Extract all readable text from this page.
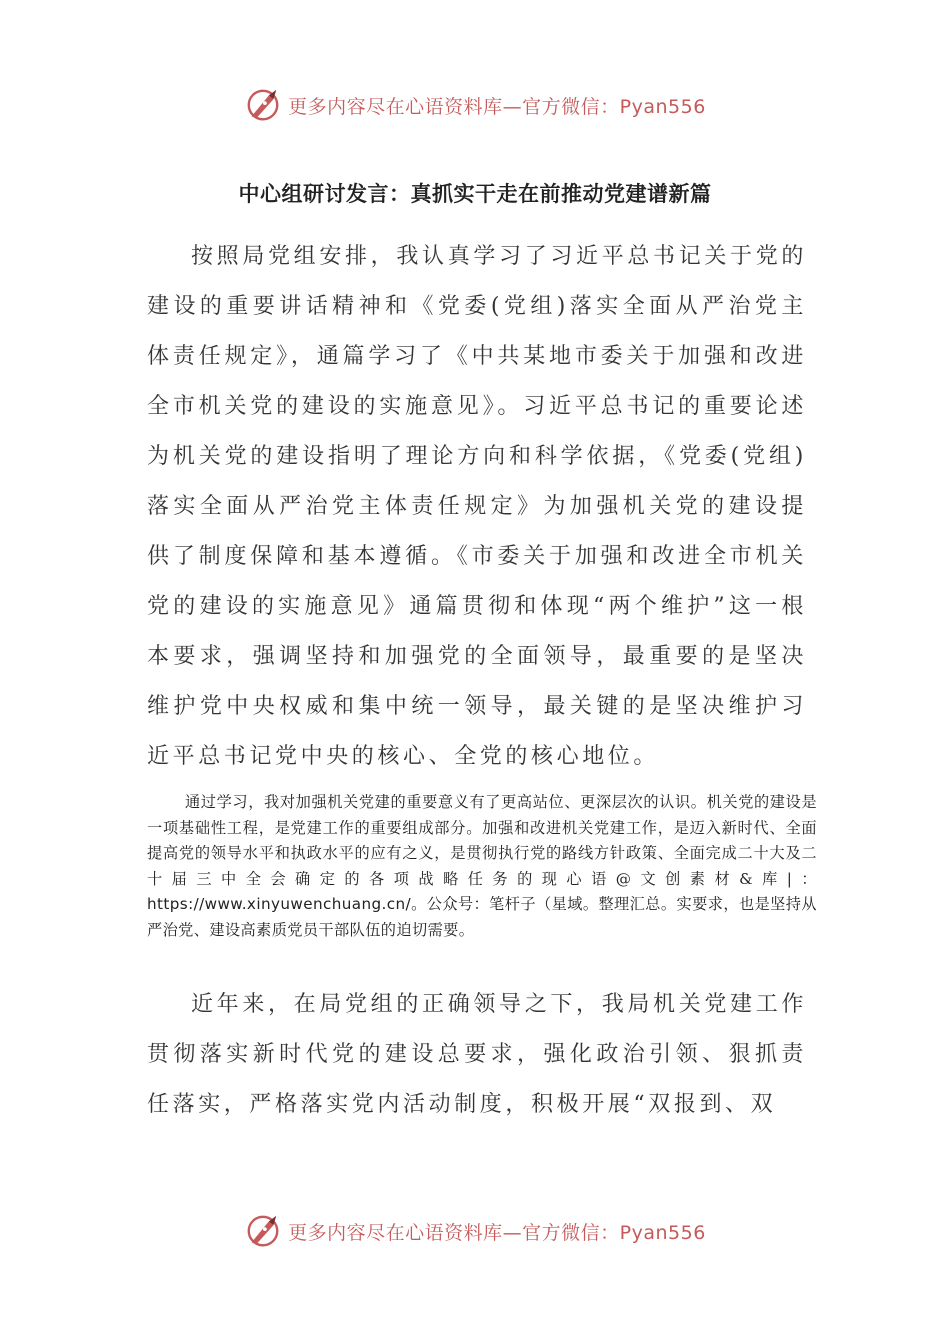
更多内容尽在心语资料库—官方微信：Pyan556
中心组研讨发言：真抓实干走在前推动党建谱新篇

按照局党组安排，我认真学习了习近平总书记关于党的建设的重要讲话精神和《党委(党组)落实全面从严治党主体责任规定》，通篇学习了《中共某地市委关于加强和改进全市机关党的建设的实施意见》。习近平总书记的重要论述为机关党的建设指明了理论方向和科学依据，《党委(党组)落实全面从严治党主体责任规定》为加强机关党的建设提供了制度保障和基本遵循。《市委关于加强和改进全市机关党的建设的实施意见》通篇贯彻和体现“两个维护”这一根本要求，强调坚持和加强党的全面领导，最重要的是坚决维护党中央权威和集中统一领导，最关键的是坚决维护习近平总书记党中央的核心、全党的核心地位。

通过学习，我对加强机关党建的重要意义有了更高站位、更深层次的认识。机关党的建设是一项基础性工程，是党建工作的重要组成部分。加强和改进机关党建工作，是迈入新时代、全面提高党的领导水平和执政水平的应有之义，是贯彻执行党的路线方针政策、全面完成二十大及二十届三中全会确定的各项战略任务的现心语@文创素材&库|：https://www.xinyuwenchuang.cn/。公众号：笔杆子（星域。整理汇总。实要求，也是坚持从严治党、建设高素质党员干部队伍的迫切需要。

近年来，在局党组的正确领导之下，我局机关党建工作贯彻落实新时代党的建设总要求，强化政治引领、狠抓责任落实，严格落实党内活动制度，积极开展“双报到、双

更多内容尽在心语资料库—官方微信：Pyan556
